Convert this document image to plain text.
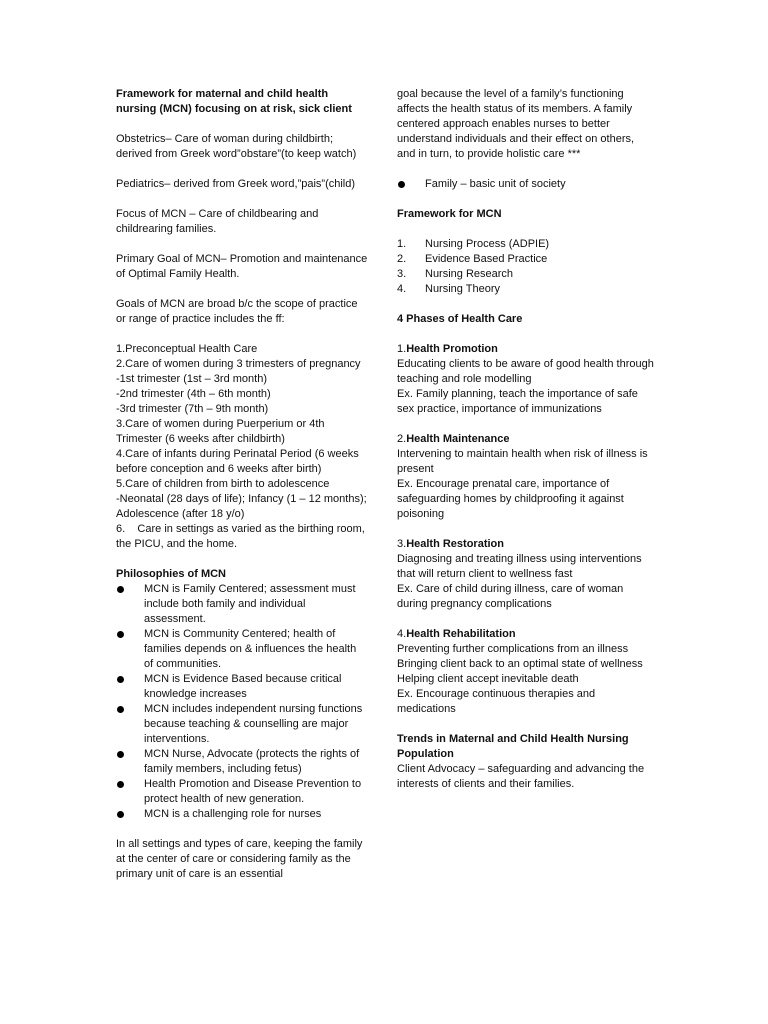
Framework for maternal and child health nursing (MCN) focusing on at risk, sick client

Obstetrics– Care of woman during childbirth; derived from Greek word”obstare”(to keep watch)

Pediatrics– derived from Greek word,”pais”(child)

Focus of MCN – Care of childbearing and childrearing families.

Primary Goal of MCN– Promotion and maintenance of Optimal Family Health.

Goals of MCN are broad b/c the scope of practice or range of practice includes the ff:

1.Preconceptual Health Care

2.Care of women during 3 trimesters of pregnancy

-1st trimester (1st – 3rd month)

-2nd trimester (4th – 6th month)

-3rd trimester (7th – 9th month)

3.Care of women during Puerperium or 4th Trimester (6 weeks after childbirth)

4.Care of infants during Perinatal Period (6 weeks before conception and 6 weeks after birth)

5.Care of children from birth to adolescence

-Neonatal (28 days of life); Infancy (1 – 12 months); Adolescence (after 18 y/o)

6. Care in settings as varied as the birthing room, the PICU, and the home.

Philosophies of MCN

MCN is Family Centered; assessment must include both family and individual assessment.
MCN is Community Centered; health of families depends on & influences the health of communities.
MCN is Evidence Based because critical knowledge increases
MCN includes independent nursing functions because teaching & counselling are major interventions.
MCN Nurse, Advocate (protects the rights of family members, including fetus)
Health Promotion and Disease Prevention to protect health of new generation.
MCN is a challenging role for nurses

In all settings and types of care, keeping the family at the center of care or considering family as the primary unit of care is an essential

goal because the level of a family’s functioning affects the health status of its members. A family centered approach enables nurses to better understand individuals and their effect on others, and in turn, to provide holistic care ***

Family – basic unit of society

Framework for MCN

1. Nursing Process (ADPIE)
2. Evidence Based Practice
3. Nursing Research
4. Nursing Theory

4 Phases of Health Care

1.Health Promotion

Educating clients to be aware of good health through teaching and role modelling

Ex. Family planning, teach the importance of safe sex practice, importance of immunizations

2.Health Maintenance

Intervening to maintain health when risk of illness is present

Ex. Encourage prenatal care, importance of safeguarding homes by childproofing it against poisoning

3.Health Restoration

Diagnosing and treating illness using interventions that will return client to wellness fast

Ex. Care of child during illness, care of woman during pregnancy complications

4.Health Rehabilitation

Preventing further complications from an illness

Bringing client back to an optimal state of wellness

Helping client accept inevitable death

Ex. Encourage continuous therapies and medications

Trends in Maternal and Child Health Nursing Population

Client Advocacy – safeguarding and advancing the interests of clients and their families.
